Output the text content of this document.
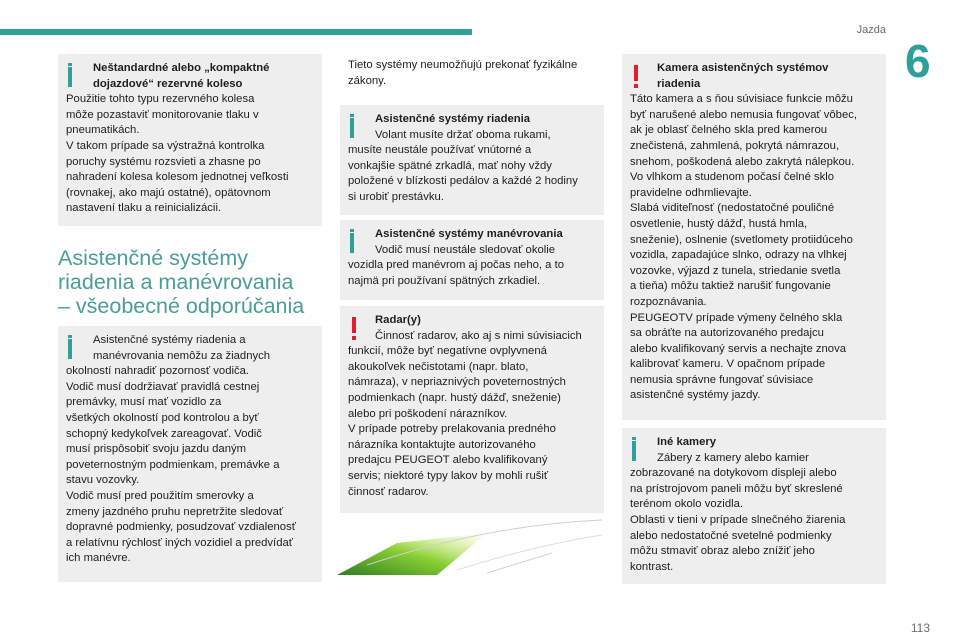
Jazda
6

Neštandardné alebo „kompaktné
dojazdové“ rezervné koleso

Použitie tohto typu rezervného kolesa
môže pozastaviť monitorovanie tlaku v
pneumatikách.
V takom prípade sa výstražná kontrolka
poruchy systému rozsvieti a zhasne po
nahradení kolesa kolesom jednotnej veľkosti
(rovnakej, ako majú ostatné), opätovnom
nastavení tlaku a reinicializácii.

Asistenčné systémy
riadenia a manévrovania
– všeobecné odporúčania

Asistenčné systémy riadenia a
manévrovania nemôžu za žiadnych

okolností nahradiť pozornosť vodiča.
Vodič musí dodržiavať pravidlá cestnej
premávky, musí mať vozidlo za
všetkých okolností pod kontrolou a byť
schopný kedykoľvek zareagovať. Vodič
musí prispôsobiť svoju jazdu daným
poveternostným podmienkam, premávke a
stavu vozovky.
Vodič musí pred použitím smerovky a
zmeny jazdného pruhu nepretržite sledovať
dopravné podmienky, posudzovať vzdialenosť
a relatívnu rýchlosť iných vozidiel a predvídať
ich manévre.

Tieto systémy neumožňujú prekonať fyzikálne
zákony.

Asistenčné systémy riadenia

Volant musíte držať oboma rukami,

musíte neustále používať vnútorné a
vonkajšie spätné zrkadlá, mať nohy vždy
položené v blízkosti pedálov a každé 2 hodiny
si urobiť prestávku.

Asistenčné systémy manévrovania

Vodič musí neustále sledovať okolie

vozidla pred manévrom aj počas neho, a to
najmä pri používaní spätných zrkadiel.

Radar(y)

Činnosť radarov, ako aj s nimi súvisiacich

funkcií, môže byť negatívne ovplyvnená
akoukoľvek nečistotami (napr. blato,
námraza), v nepriaznivých poveternostných
podmienkach (napr. hustý dážď, sneženie)
alebo pri poškodení nárazníkov.
V prípade potreby prelakovania predného
nárazníka kontaktujte autorizovaného
predajcu PEUGEOT alebo kvalifikovaný
servis; niektoré typy lakov by mohli rušiť
činnosť radarov.

Kamera asistenčných systémov
riadenia

Táto kamera a s ňou súvisiace funkcie môžu
byť narušené alebo nemusia fungovať vôbec,
ak je oblasť čelného skla pred kamerou
znečistená, zahmlená, pokrytá námrazou,
snehom, poškodená alebo zakrytá nálepkou.
Vo vlhkom a studenom počasí čelné sklo
pravidelne odhmlievajte.
Slabá viditeľnosť (nedostatočné pouličné
osvetlenie, hustý dážď, hustá hmla,
sneženie), oslnenie (svetlomety protiidúceho
vozidla, zapadajúce slnko, odrazy na vlhkej
vozovke, výjazd z tunela, striedanie svetla
a tieňa) môžu taktiež narušiť fungovanie
rozpoznávania.
PEUGEOTV prípade výmeny čelného skla
sa obráťte na autorizovaného predajcu
alebo kvalifikovaný servis a nechajte znova
kalibrovať kameru. V opačnom prípade
nemusia správne fungovať súvisiace
asistenčné systémy jazdy.

Iné kamery

Zábery z kamery alebo kamier

zobrazované na dotykovom displeji alebo
na prístrojovom paneli môžu byť skreslené
terénom okolo vozidla.
Oblasti v tieni v prípade slnečného žiarenia
alebo nedostatočné svetelné podmienky
môžu stmaviť obraz alebo znížiť jeho
kontrast.

113
